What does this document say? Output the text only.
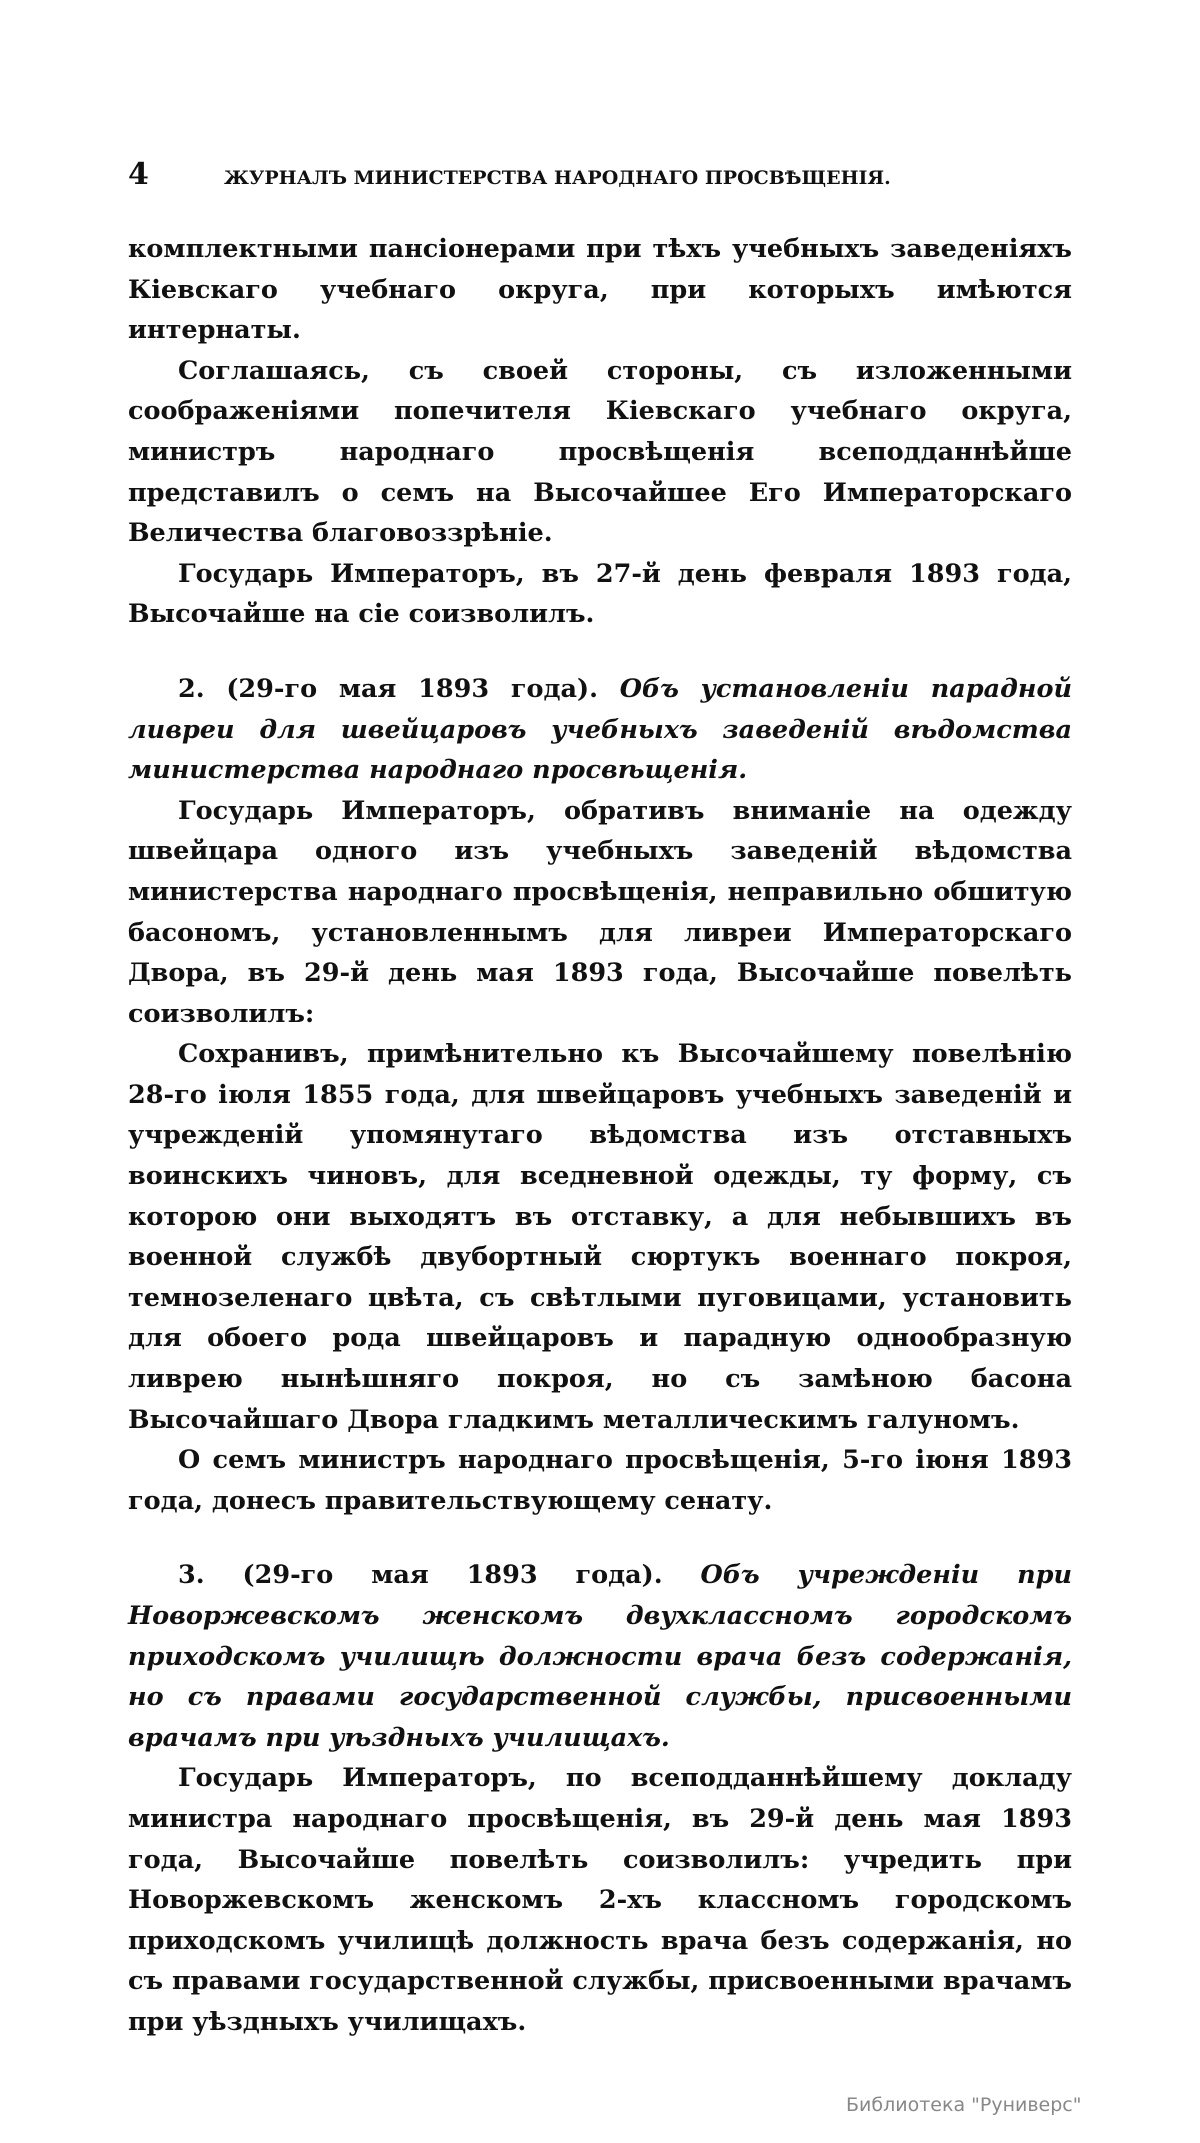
4	ЖУРНАЛЪ МИНИСТЕРСТВА НАРОДНАГО ПРОСВѢЩЕНІЯ.

комплектными пансіонерами при тѣхъ учебныхъ заведеніяхъ Кіевскаго учебнаго округа, при которыхъ имѣются интернаты.

Соглашаясь, съ своей стороны, съ изложенными соображеніями попечителя Кіевскаго учебнаго округа, министръ народнаго просвѣщенія всеподданнѣйше представилъ о семъ на Высочайшее Его Императорскаго Величества благовоззрѣніе.

Государь Императоръ, въ 27-й день февраля 1893 года, Высочайше на сіе соизволилъ.

2. (29-го мая 1893 года). Объ установленіи парадной ливреи для швейцаровъ учебныхъ заведеній вѣдомства министерства народнаго просвѣщенія.

Государь Императоръ, обративъ вниманіе на одежду швейцара одного изъ учебныхъ заведеній вѣдомства министерства народнаго просвѣщенія, неправильно обшитую басономъ, установленнымъ для ливреи Императорскаго Двора, въ 29-й день мая 1893 года, Высочайше повелѣть соизволилъ:

Сохранивъ, примѣнительно къ Высочайшему повелѣнію 28-го іюля 1855 года, для швейцаровъ учебныхъ заведеній и учрежденій упомянутаго вѣдомства изъ отставныхъ воинскихъ чиновъ, для вседневной одежды, ту форму, съ которою они выходятъ въ отставку, а для небывшихъ въ военной службѣ двубортный сюртукъ военнаго покроя, темнозеленаго цвѣта, съ свѣтлыми пуговицами, установить для обоего рода швейцаровъ и парадную однообразную ливрею нынѣшняго покроя, но съ замѣною басона Высочайшаго Двора гладкимъ металлическимъ галуномъ.

О семъ министръ народнаго просвѣщенія, 5-го іюня 1893 года, донесъ правительствующему сенату.

3. (29-го мая 1893 года). Объ учрежденіи при Новоржевскомъ женскомъ двухклассномъ городскомъ приходскомъ училищѣ должности врача безъ содержанія, но съ правами государственной службы, присвоенными врачамъ при уѣздныхъ училищахъ.

Государь Императоръ, по всеподданнѣйшему докладу министра народнаго просвѣщенія, въ 29-й день мая 1893 года, Высочайше повелѣть соизволилъ: учредить при Новоржевскомъ женскомъ 2-хъ классномъ городскомъ приходскомъ училищѣ должность врача безъ содержанія, но съ правами государственной службы, присвоенными врачамъ при уѣздныхъ училищахъ.

Библиотека "Руниверс"
